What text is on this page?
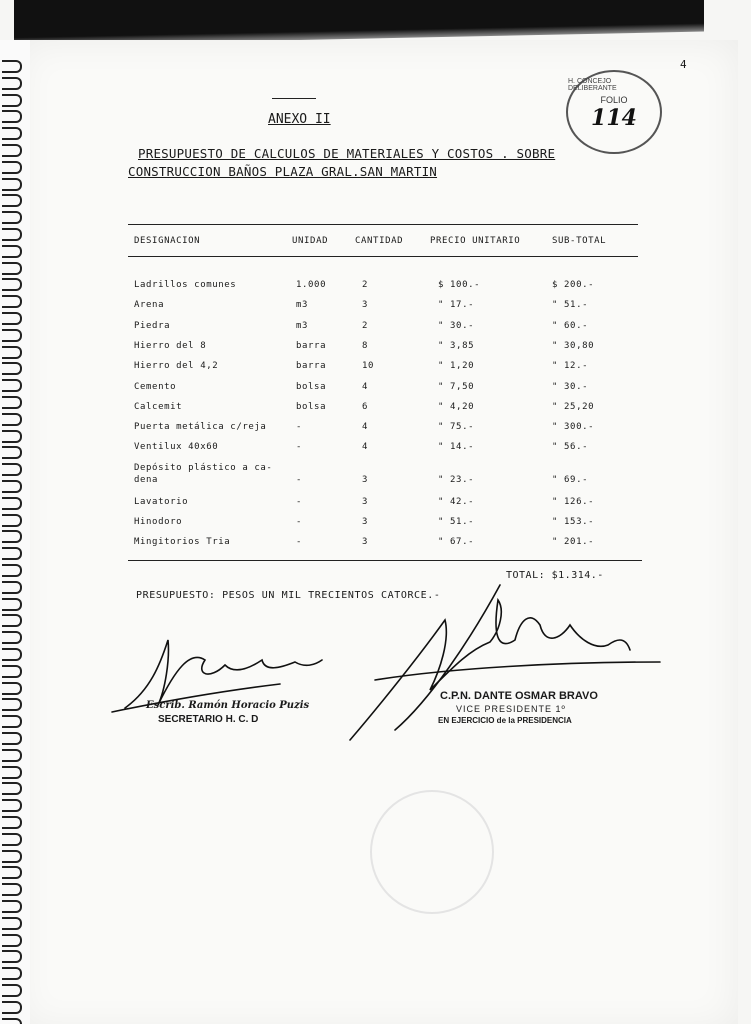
4
H. CONCEJO DELIBERANTE
FOLIO
114
ANEXO II
PRESUPUESTO DE CALCULOS DE MATERIALES Y COSTOS . SOBRE
CONSTRUCCION BAÑOS PLAZA GRAL.SAN MARTIN
DESIGNACION	UNIDAD	CANTIDAD	PRECIO UNITARIO	SUB-TOTAL
Ladrillos comunes	1.000	2	$ 100.-	$ 200.-
Arena	m3	3	" 17.-	" 51.-
Piedra	m3	2	" 30.-	" 60.-
Hierro del 8	barra	8	" 3,85	" 30,80
Hierro del 4,2	barra	10	" 1,20	" 12.-
Cemento	bolsa	4	" 7,50	" 30.-
Calcemit	bolsa	6	" 4,20	" 25,20
Puerta metálica c/reja	-	4	" 75.-	" 300.-
Ventilux 40x60	-	4	" 14.-	" 56.-
Depósito plástico a ca-
dena	-	3	" 23.-	" 69.-
Lavatorio	-	3	" 42.-	" 126.-
Hinodoro	-	3	" 51.-	" 153.-
Mingitorios Tria	-	3	" 67.-	" 201.-
TOTAL: $1.314.-
PRESUPUESTO: PESOS UN MIL TRECIENTOS CATORCE.-
Escrib. Ramón Horacio Puzis
SECRETARIO H. C. D
C.P.N. DANTE OSMAR BRAVO
VICE PRESIDENTE 1º
EN EJERCICIO de la PRESIDENCIA
